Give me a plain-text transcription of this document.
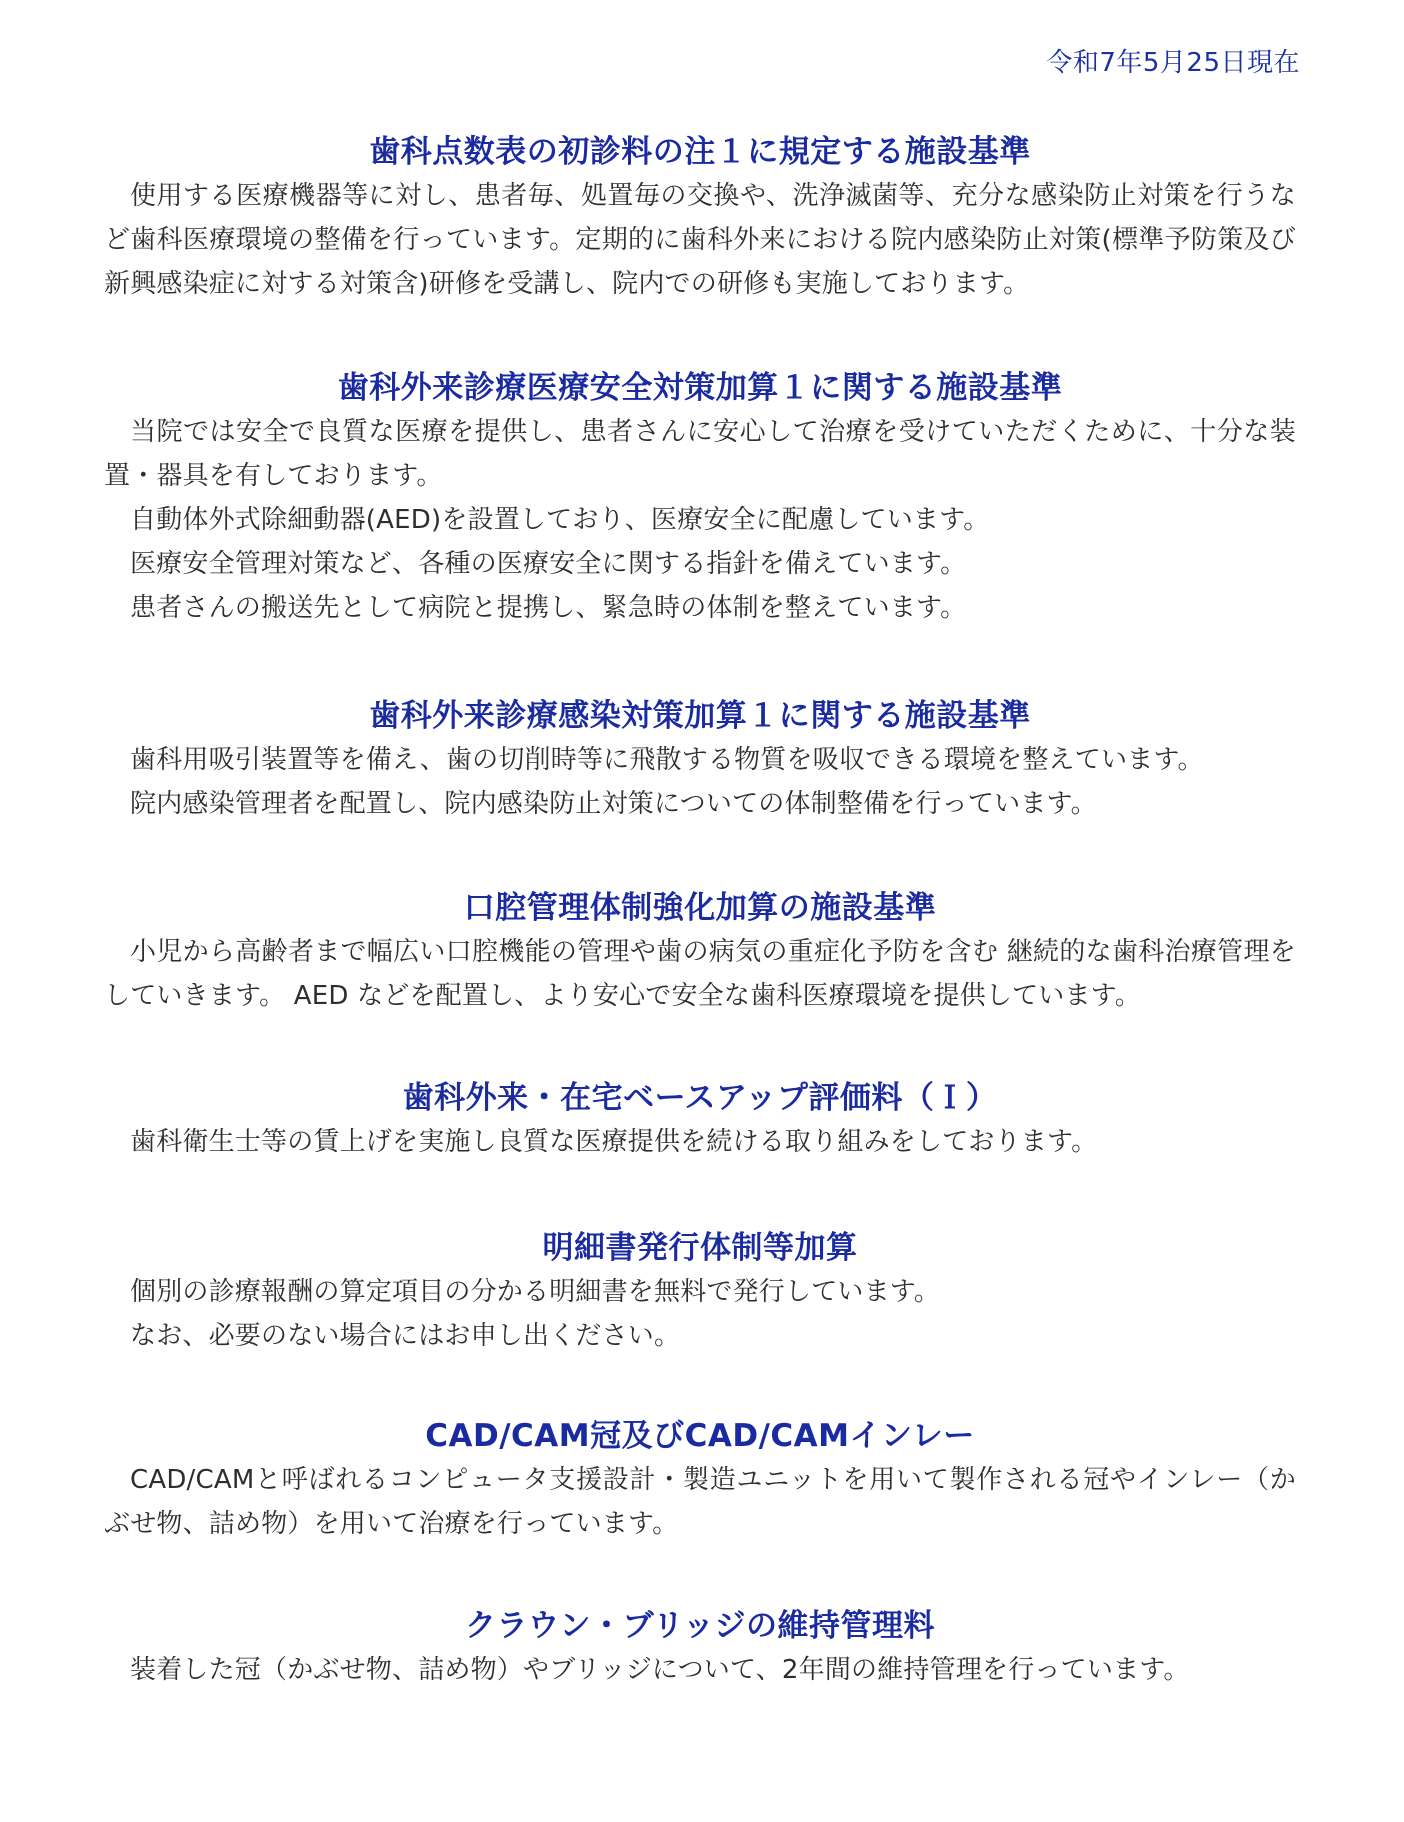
令和7年5月25日現在
歯科点数表の初診料の注１に規定する施設基準

使用する医療機器等に対し、患者毎、処置毎の交換や、洗浄滅菌等、充分な感染防止対策を行うなど歯科医療環境の整備を行っています。定期的に歯科外来における院内感染防止対策(標準予防策及び新興感染症に対する対策含)研修を受講し、院内での研修も実施しております。

歯科外来診療医療安全対策加算１に関する施設基準

当院では安全で良質な医療を提供し、患者さんに安心して治療を受けていただくために、十分な装置・器具を有しております。

自動体外式除細動器(AED)を設置しており、医療安全に配慮しています。

医療安全管理対策など、各種の医療安全に関する指針を備えています。

患者さんの搬送先として病院と提携し、緊急時の体制を整えています。

歯科外来診療感染対策加算１に関する施設基準

歯科用吸引装置等を備え、歯の切削時等に飛散する物質を吸収できる環境を整えています。

院内感染管理者を配置し、院内感染防止対策についての体制整備を行っています。

口腔管理体制強化加算の施設基準

小児から高齢者まで幅広い口腔機能の管理や歯の病気の重症化予防を含む 継続的な歯科治療管理をしていきます。 AED などを配置し、より安心で安全な歯科医療環境を提供しています。

歯科外来・在宅ベースアップ評価料（Ｉ）

歯科衛生士等の賃上げを実施し良質な医療提供を続ける取り組みをしております。

明細書発行体制等加算

個別の診療報酬の算定項目の分かる明細書を無料で発行しています。

なお、必要のない場合にはお申し出ください。

CAD/CAM冠及びCAD/CAMインレー

CAD/CAMと呼ばれるコンピュータ支援設計・製造ユニットを用いて製作される冠やインレー（かぶせ物、詰め物）を用いて治療を行っています。

クラウン・ブリッジの維持管理料

装着した冠（かぶせ物、詰め物）やブリッジについて、2年間の維持管理を行っています。
